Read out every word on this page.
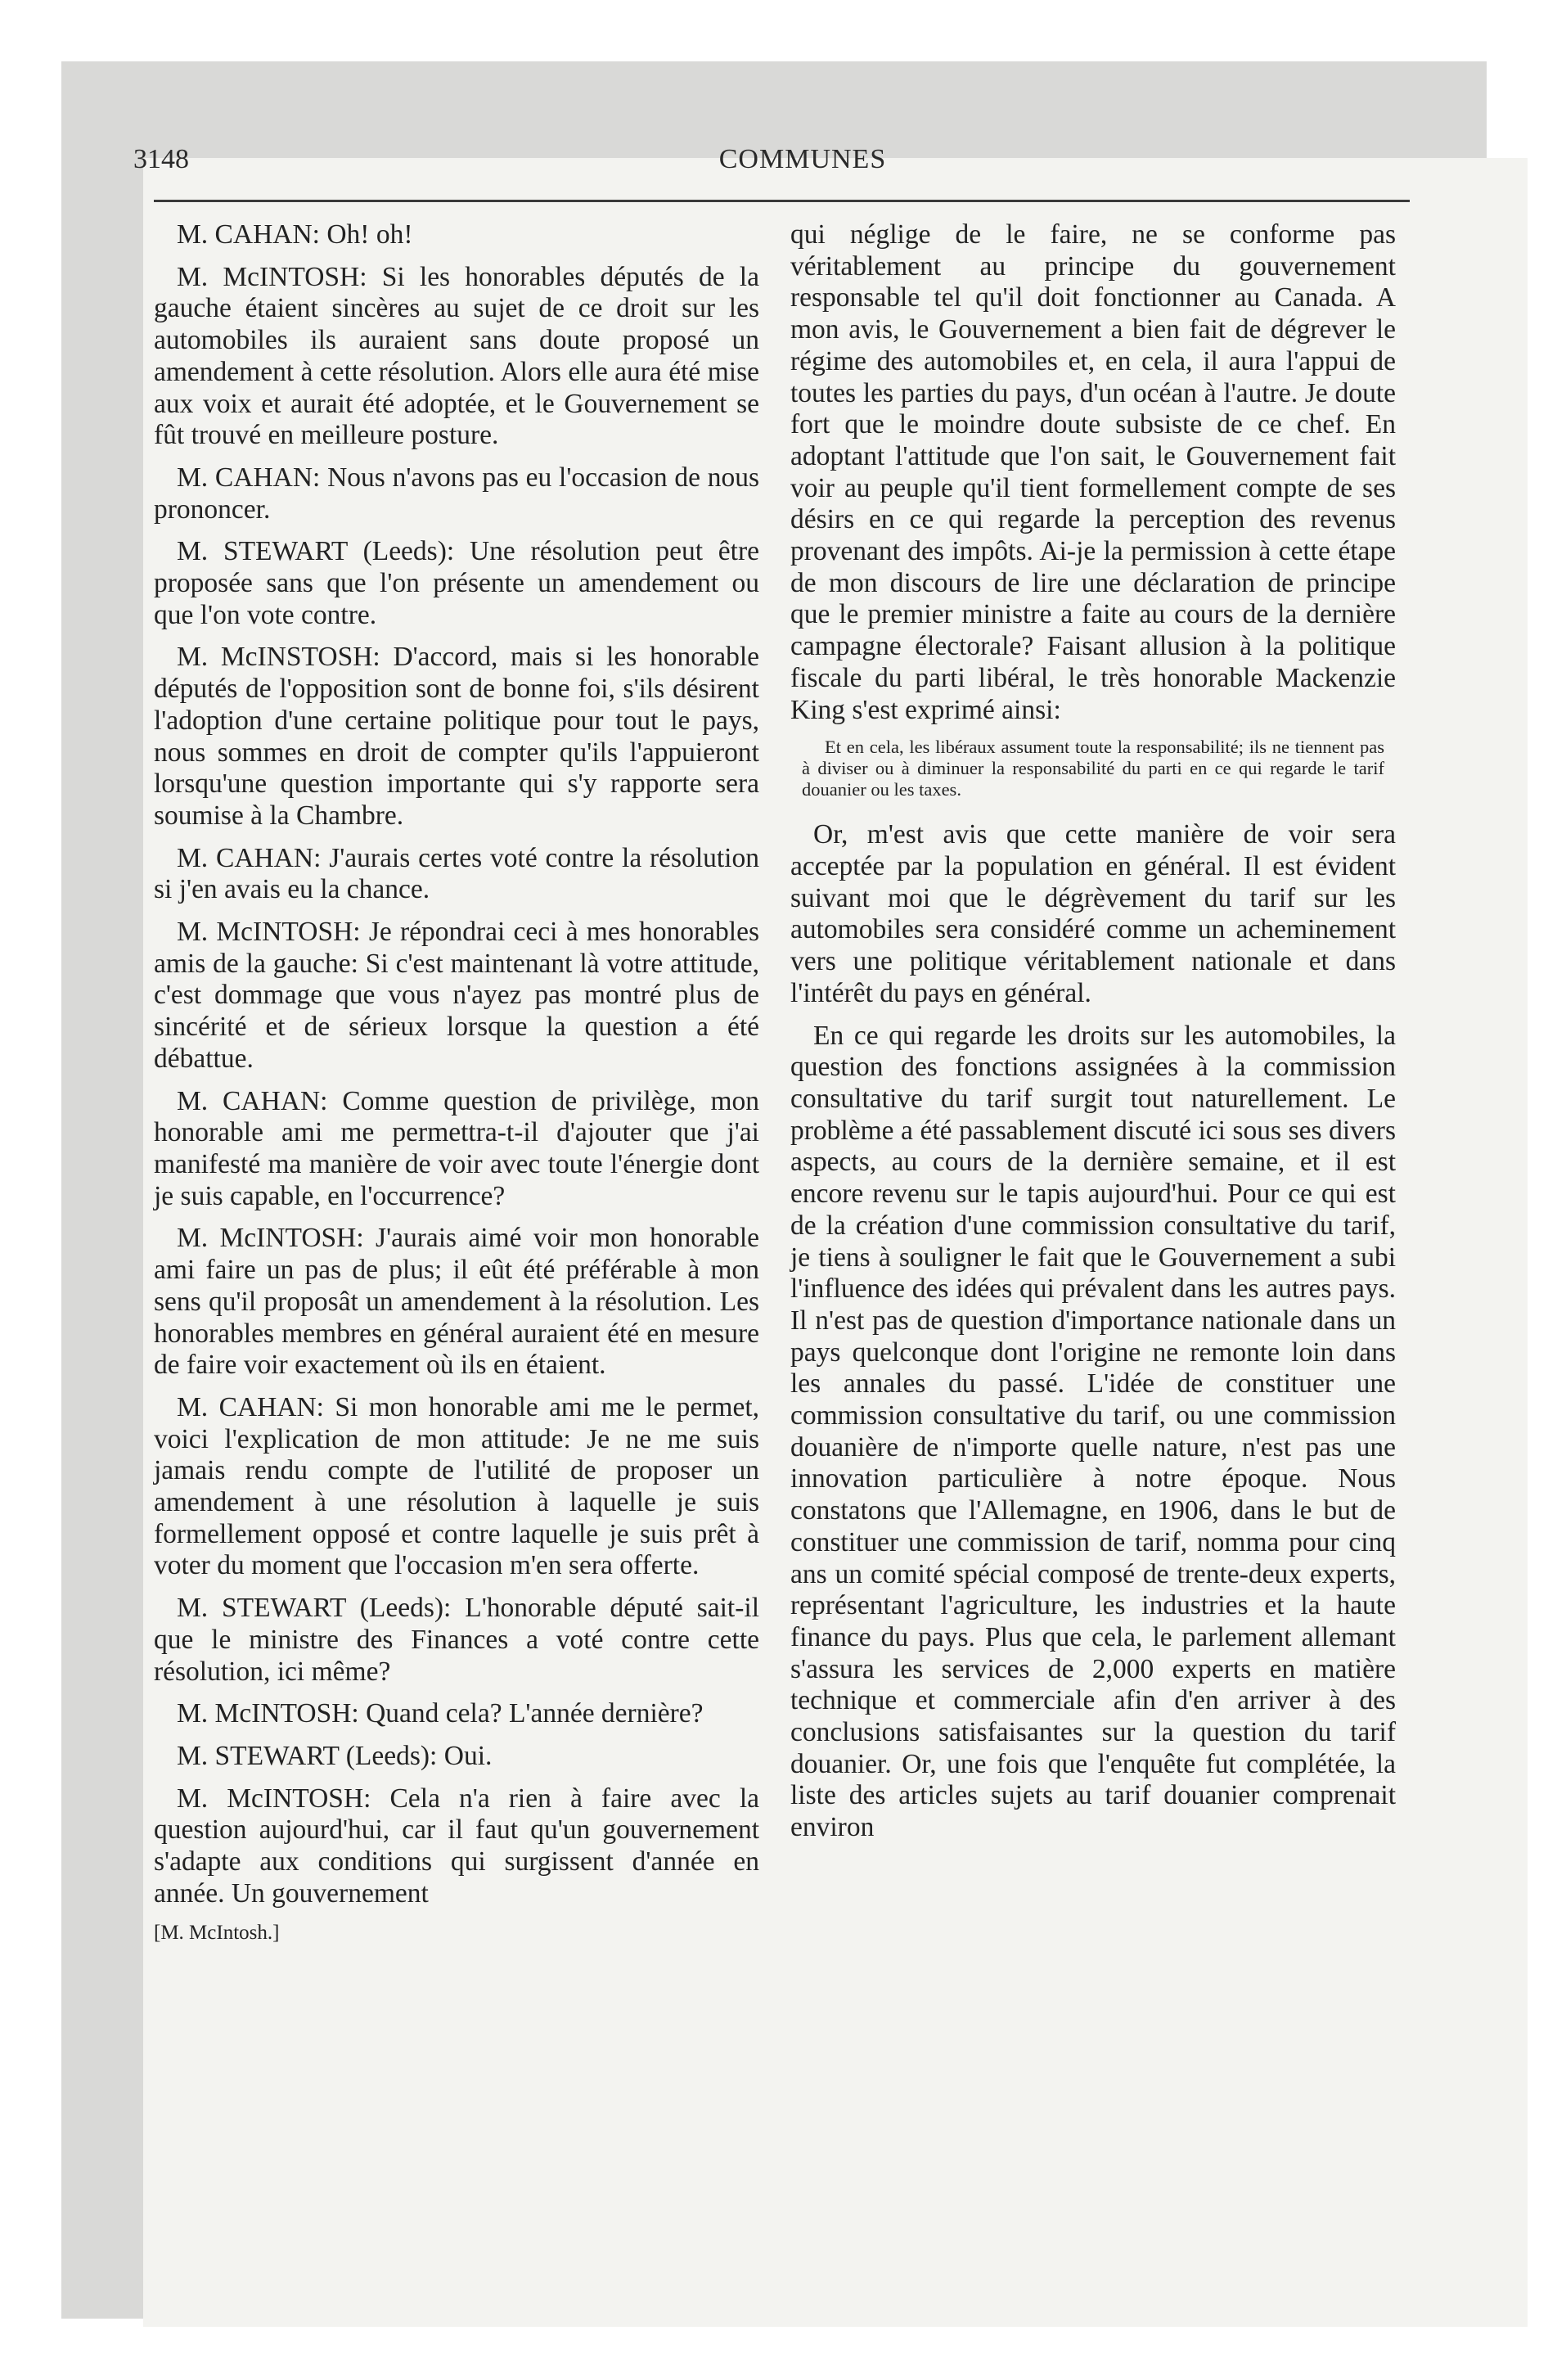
3148	COMMUNES

M. CAHAN: Oh! oh!

M. McINTOSH: Si les honorables députés de la gauche étaient sincères au sujet de ce droit sur les automobiles ils auraient sans doute proposé un amendement à cette résolution. Alors elle aura été mise aux voix et aurait été adoptée, et le Gouvernement se fût trouvé en meilleure posture.

M. CAHAN: Nous n'avons pas eu l'occasion de nous prononcer.

M. STEWART (Leeds): Une résolution peut être proposée sans que l'on présente un amendement ou que l'on vote contre.

M. McINSTOSH: D'accord, mais si les honorable députés de l'opposition sont de bonne foi, s'ils désirent l'adoption d'une certaine politique pour tout le pays, nous sommes en droit de compter qu'ils l'appuieront lorsqu'une question importante qui s'y rapporte sera soumise à la Chambre.

M. CAHAN: J'aurais certes voté contre la résolution si j'en avais eu la chance.

M. McINTOSH: Je répondrai ceci à mes honorables amis de la gauche: Si c'est maintenant là votre attitude, c'est dommage que vous n'ayez pas montré plus de sincérité et de sérieux lorsque la question a été débattue.

M. CAHAN: Comme question de privilège, mon honorable ami me permettra-t-il d'ajouter que j'ai manifesté ma manière de voir avec toute l'énergie dont je suis capable, en l'occurrence?

M. McINTOSH: J'aurais aimé voir mon honorable ami faire un pas de plus; il eût été préférable à mon sens qu'il proposât un amendement à la résolution. Les honorables membres en général auraient été en mesure de faire voir exactement où ils en étaient.

M. CAHAN: Si mon honorable ami me le permet, voici l'explication de mon attitude: Je ne me suis jamais rendu compte de l'utilité de proposer un amendement à une résolution à laquelle je suis formellement opposé et contre laquelle je suis prêt à voter du moment que l'occasion m'en sera offerte.

M. STEWART (Leeds): L'honorable député sait-il que le ministre des Finances a voté contre cette résolution, ici même?

M. McINTOSH: Quand cela? L'année dernière?

M. STEWART (Leeds): Oui.

M. McINTOSH: Cela n'a rien à faire avec la question aujourd'hui, car il faut qu'un gouvernement s'adapte aux conditions qui surgissent d'année en année. Un gouvernement

[M. McIntosh.]

qui néglige de le faire, ne se conforme pas véritablement au principe du gouvernement responsable tel qu'il doit fonctionner au Canada. A mon avis, le Gouvernement a bien fait de dégrever le régime des automobiles et, en cela, il aura l'appui de toutes les parties du pays, d'un océan à l'autre. Je doute fort que le moindre doute subsiste de ce chef. En adoptant l'attitude que l'on sait, le Gouvernement fait voir au peuple qu'il tient formellement compte de ses désirs en ce qui regarde la perception des revenus provenant des impôts. Ai-je la permission à cette étape de mon discours de lire une déclaration de principe que le premier ministre a faite au cours de la dernière campagne électorale? Faisant allusion à la politique fiscale du parti libéral, le très honorable Mackenzie King s'est exprimé ainsi:

Et en cela, les libéraux assument toute la responsabilité; ils ne tiennent pas à diviser ou à diminuer la responsabilité du parti en ce qui regarde le tarif douanier ou les taxes.

Or, m'est avis que cette manière de voir sera acceptée par la population en général. Il est évident suivant moi que le dégrèvement du tarif sur les automobiles sera considéré comme un acheminement vers une politique véritablement nationale et dans l'intérêt du pays en général.

En ce qui regarde les droits sur les automobiles, la question des fonctions assignées à la commission consultative du tarif surgit tout naturellement. Le problème a été passablement discuté ici sous ses divers aspects, au cours de la dernière semaine, et il est encore revenu sur le tapis aujourd'hui. Pour ce qui est de la création d'une commission consultative du tarif, je tiens à souligner le fait que le Gouvernement a subi l'influence des idées qui prévalent dans les autres pays. Il n'est pas de question d'importance nationale dans un pays quelconque dont l'origine ne remonte loin dans les annales du passé. L'idée de constituer une commission consultative du tarif, ou une commission douanière de n'importe quelle nature, n'est pas une innovation particulière à notre époque. Nous constatons que l'Allemagne, en 1906, dans le but de constituer une commission de tarif, nomma pour cinq ans un comité spécial composé de trente-deux experts, représentant l'agriculture, les industries et la haute finance du pays. Plus que cela, le parlement allemant s'assura les services de 2,000 experts en matière technique et commerciale afin d'en arriver à des conclusions satisfaisantes sur la question du tarif douanier. Or, une fois que l'enquête fut complétée, la liste des articles sujets au tarif douanier comprenait environ
